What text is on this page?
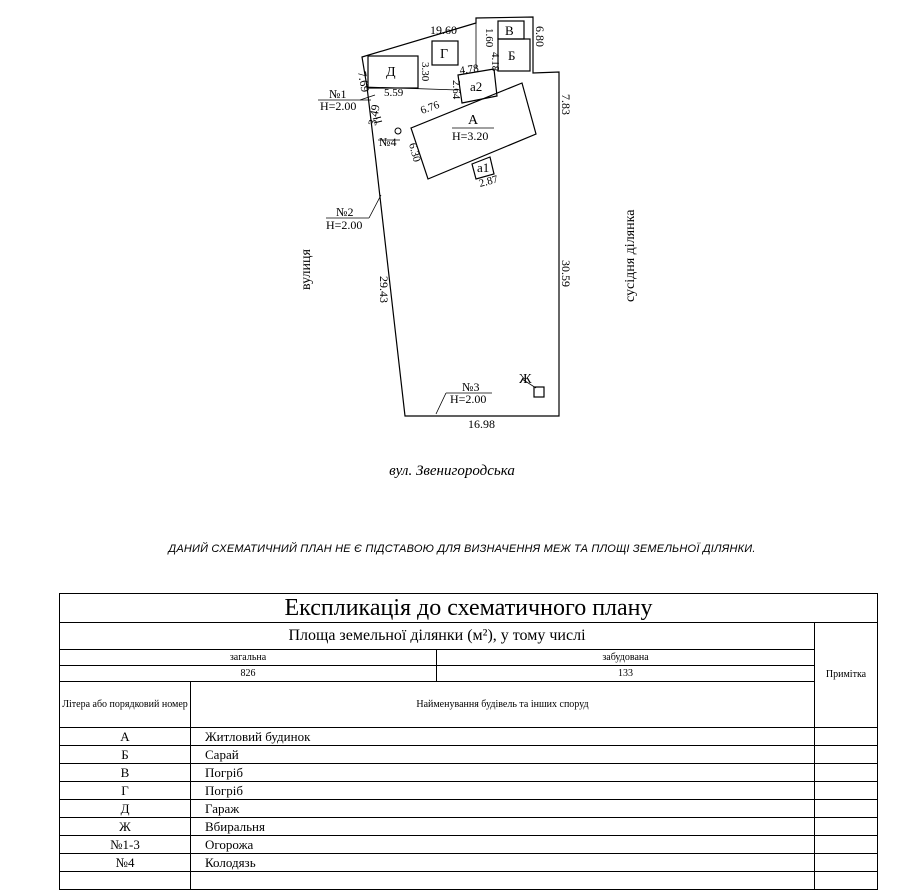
19.60	6.80
7.83
30.59
16.98
29.43
3.49
7.69	3.30
1.60
4.18
4.78
2.64
6.76
6.30
2.87
5.59
Д
Г
В
Б
А
Н=3.20
а1
а2
Ж
№1
Н=2.00
№2
Н=2.00
№3
Н=2.00
№4
вулиця	сусідня ділянка
вул. Звенигородська
ДАНИЙ СХЕМАТИЧНИЙ ПЛАН НЕ Є ПІДСТАВОЮ ДЛЯ ВИЗНАЧЕННЯ МЕЖ ТА ПЛОЩІ ЗЕМЕЛЬНОЇ ДІЛЯНКИ.
Експликація до схематичного плану			
Площа земельної ділянки (м²), у тому числі			Примітка
загальна		забудована	
826		133	
Літера або порядковий номер	Найменування будівель та інших споруд		
А	Житловий будинок		
Б	Сарай		
В	Погріб		
Г	Погріб		
Д	Гараж		
Ж	Вбиральня		
№1-3	Огорожа		
№4	Колодязь		
